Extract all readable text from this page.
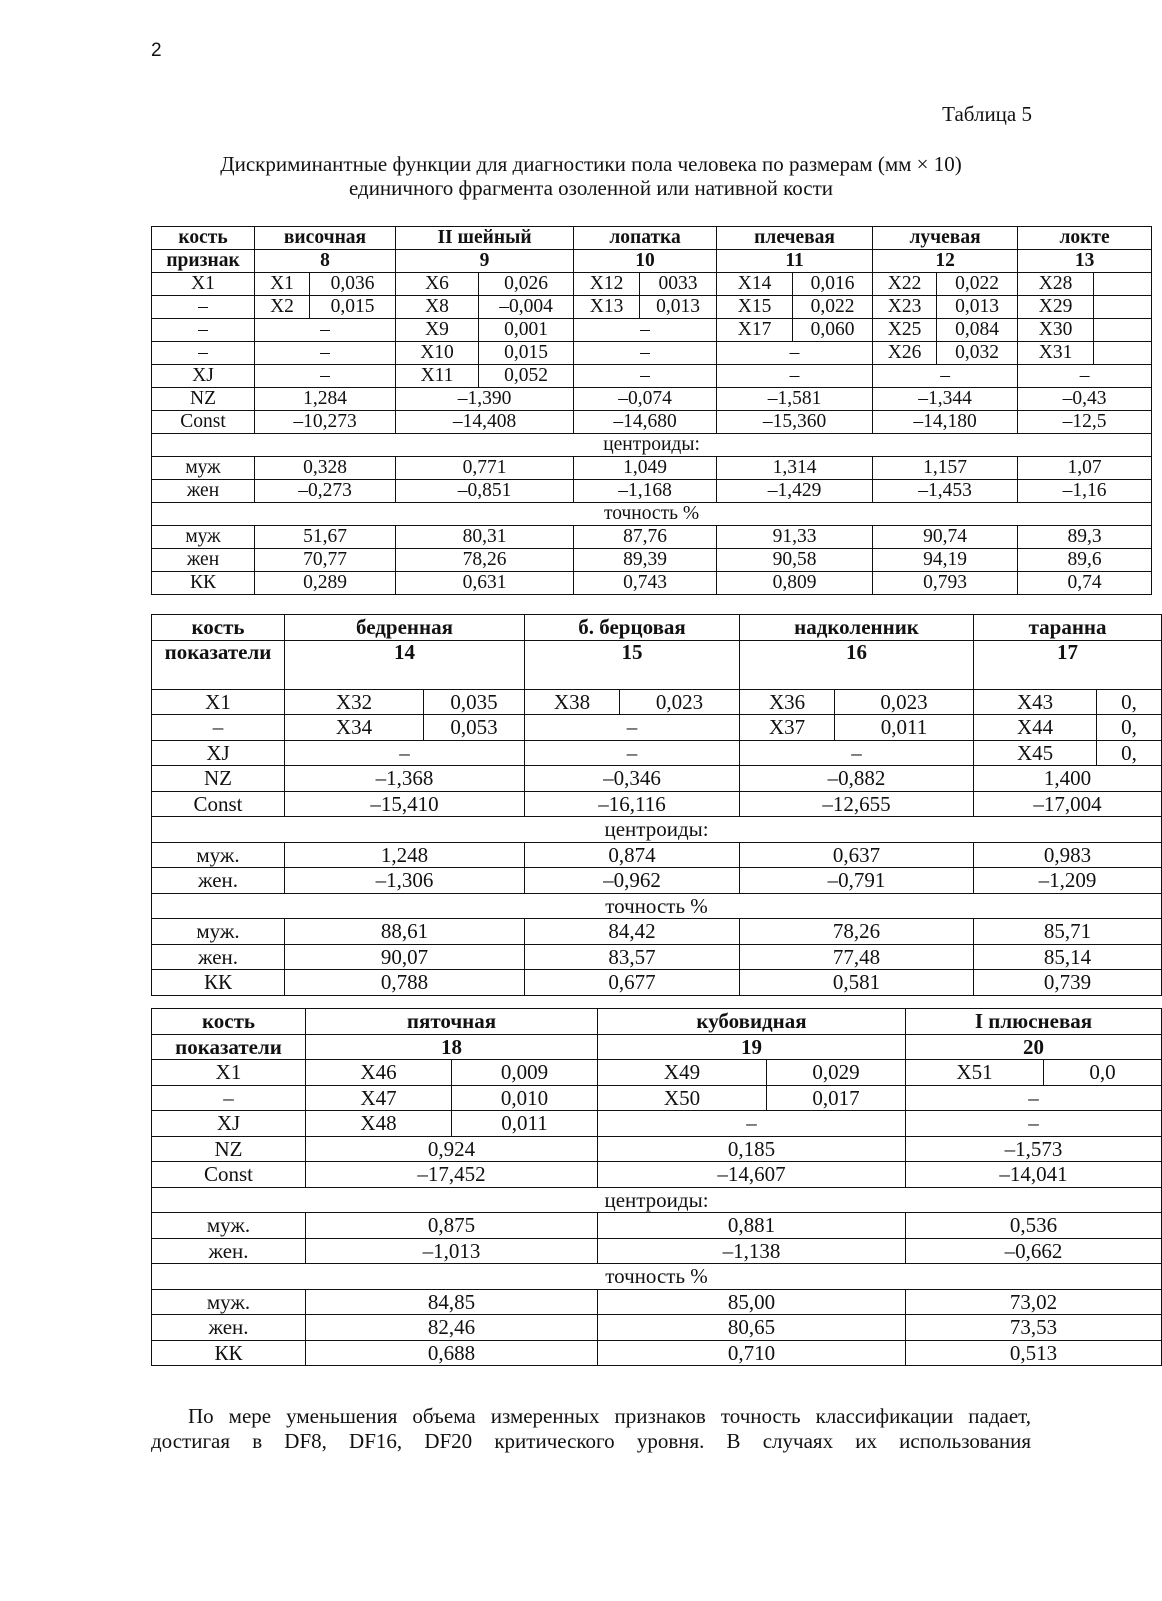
2
Таблица 5
Дискриминантные функции для диагностики пола человека по размерам (мм × 10)
единичного фрагмента озоленной или нативной кости
кость	височная		II шейный		лопатка		плечевая		лучевая		локте	
признак	8		9		10		11		12		13	
X1	X1	0,036	X6	0,026	X12	0033	X14	0,016	X22	0,022	X28	
–	X2	0,015	X8	–0,004	X13	0,013	X15	0,022	X23	0,013	X29	
–	–		X9	0,001	–		X17	0,060	X25	0,084	X30	
–	–		X10	0,015	–		–		X26	0,032	X31	
XJ	–		X11	0,052	–		–		–		–	
NZ	1,284		–1,390		–0,074		–1,581		–1,344		–0,43	
Const	–10,273		–14,408		–14,680		–15,360		–14,180		–12,5	
центроиды:												
муж	0,328		0,771		1,049		1,314		1,157		1,07	
жен	–0,273		–0,851		–1,168		–1,429		–1,453		–1,16	
точность %												
муж	51,67		80,31		87,76		91,33		90,74		89,3	
жен	70,77		78,26		89,39		90,58		94,19		89,6	
КК	0,289		0,631		0,743		0,809		0,793		0,74	
кость	бедренная		б. берцовая		надколенник		таранна	
показатели	14		15		16		17	
X1	X32	0,035	X38	0,023	X36	0,023	X43	0,
–	X34	0,053	–		X37	0,011	X44	0,
XJ	–		–		–		X45	0,
NZ	–1,368		–0,346		–0,882		1,400	
Const	–15,410		–16,116		–12,655		–17,004	
центроиды:								
муж.	1,248		0,874		0,637		0,983	
жен.	–1,306		–0,962		–0,791		–1,209	
точность %								
муж.	88,61		84,42		78,26		85,71	
жен.	90,07		83,57		77,48		85,14	
КК	0,788		0,677		0,581		0,739	
кость	пяточная		кубовидная		I плюсневая	
показатели	18		19		20	
X1	X46	0,009	X49	0,029	X51	0,0
–	X47	0,010	X50	0,017	–	
XJ	X48	0,011	–		–	
NZ	0,924		0,185		–1,573	
Const	–17,452		–14,607		–14,041	
центроиды:						
муж.	0,875		0,881		0,536	
жен.	–1,013		–1,138		–0,662	
точность %						
муж.	84,85		85,00		73,02	
жен.	82,46		80,65		73,53	
КК	0,688		0,710		0,513	
По мере уменьшения объема измеренных признаков точность классификации падает,
достигая в DF8, DF16, DF20 критического уровня. В случаях их использования
